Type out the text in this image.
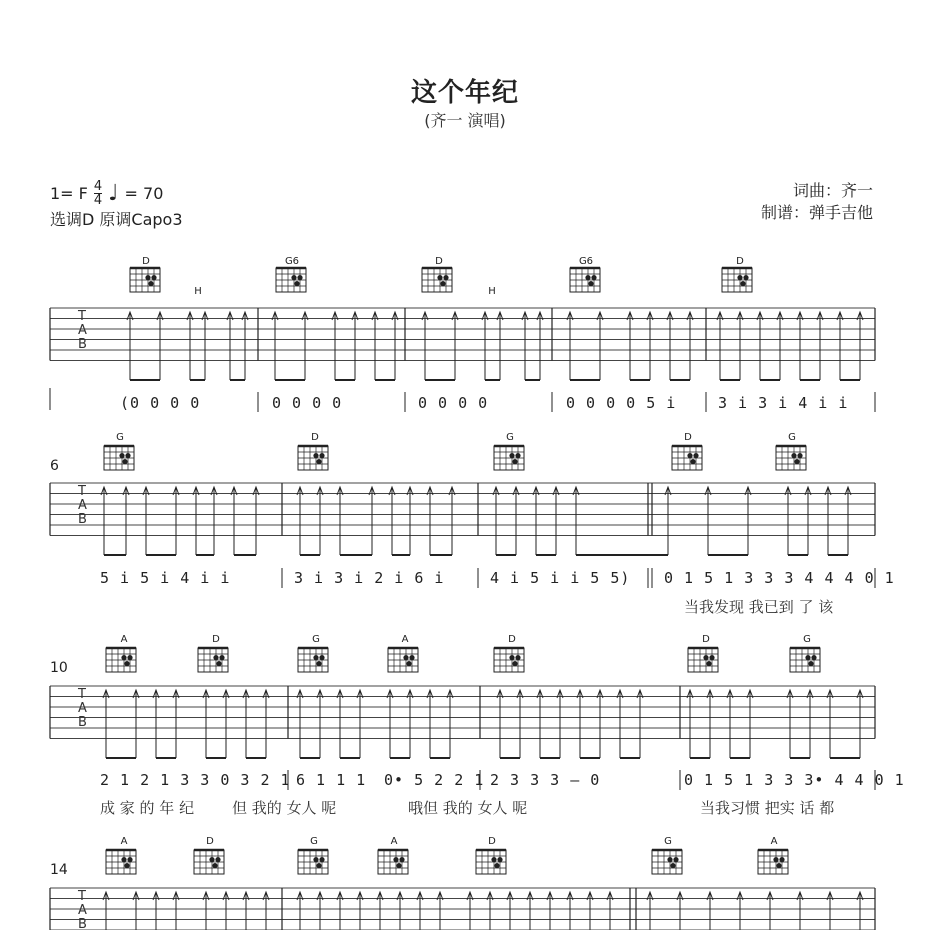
这个年纪
(齐一 演唱)
1= F $\frac{4}{4}$ ♩ = 70
选调D 原调Capo3
词曲：齐一
制谱：弹手吉他
T
A
B
T
A
B
T
A
B
T
A
B
6
10
14
D	G6	D	G6	D
H	H
G	D	G	D	G
A	D	G	A	D	D	G
A	D	G	A	D	G	A
(0 0 0 0	0 0 0 0	0 0 0 0	0 0 0 0 5 i	3 i 3 i 4 i i
5 i 5 i 4 i i	3 i 3 i 2 i 6 i	4 i 5 i i 5 5) 0 1 5 1 3 3 3 4 4 4 0 1
当我发现 我已到 了 该
2 1 2 1 3 3 0 3 2 1 6 1 1 1 0• 5 2 2 1 2 3 3 3 — 0	0 1 5 1 3 3 3• 4 4 0 1
成 家 的 年 纪	但 我的 女人 呢	哦但 我的 女人 呢	当我习惯 把实 话 都
